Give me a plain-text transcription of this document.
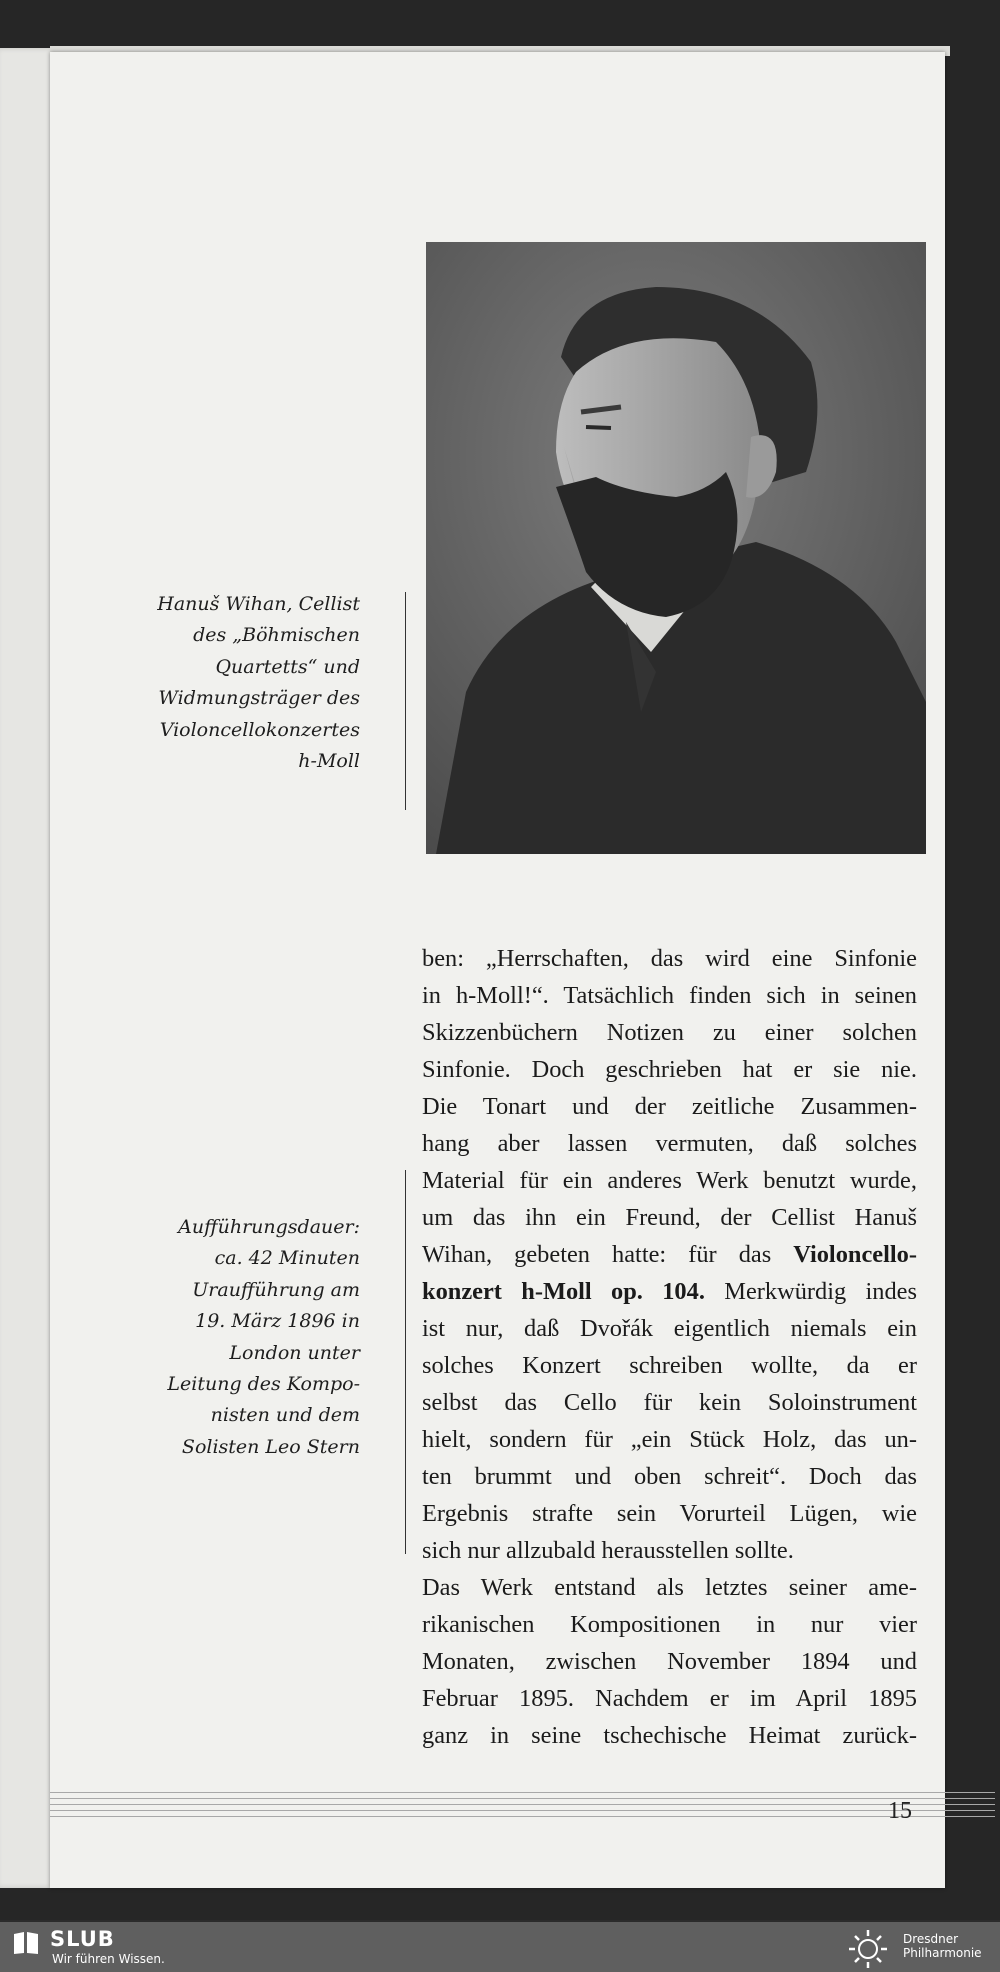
Hanuš Wihan, Cellist
des „Böhmischen
Quartetts“ und
Widmungsträger des
Violoncellokonzertes
h-Moll
Aufführungsdauer:
ca. 42 Minuten
Uraufführung am
19. März 1896 in
London unter
Leitung des Kompo-
nisten und dem
Solisten Leo Stern
ben: „Herrschaften, das wird eine Sinfonie
in h-Moll!“. Tatsächlich finden sich in seinen
Skizzenbüchern Notizen zu einer solchen
Sinfonie. Doch geschrieben hat er sie nie.
Die Tonart und der zeitliche Zusammen-
hang aber lassen vermuten, daß solches
Material für ein anderes Werk benutzt wurde,
um das ihn ein Freund, der Cellist Hanuš
Wihan, gebeten hatte: für das Violoncello-
konzert h-Moll op. 104. Merkwürdig indes
ist nur, daß Dvořák eigentlich niemals ein
solches Konzert schreiben wollte, da er
selbst das Cello für kein Soloinstrument
hielt, sondern für „ein Stück Holz, das un-
ten brummt und oben schreit“. Doch das
Ergebnis strafte sein Vorurteil Lügen, wie
sich nur allzubald herausstellen sollte.
Das Werk entstand als letztes seiner ame-
rikanischen Kompositionen in nur vier
Monaten, zwischen November 1894 und
Februar 1895. Nachdem er im April 1895
ganz in seine tschechische Heimat zurück-
15
SLUB
Wir führen Wissen.
Dresdner
Philharmonie
